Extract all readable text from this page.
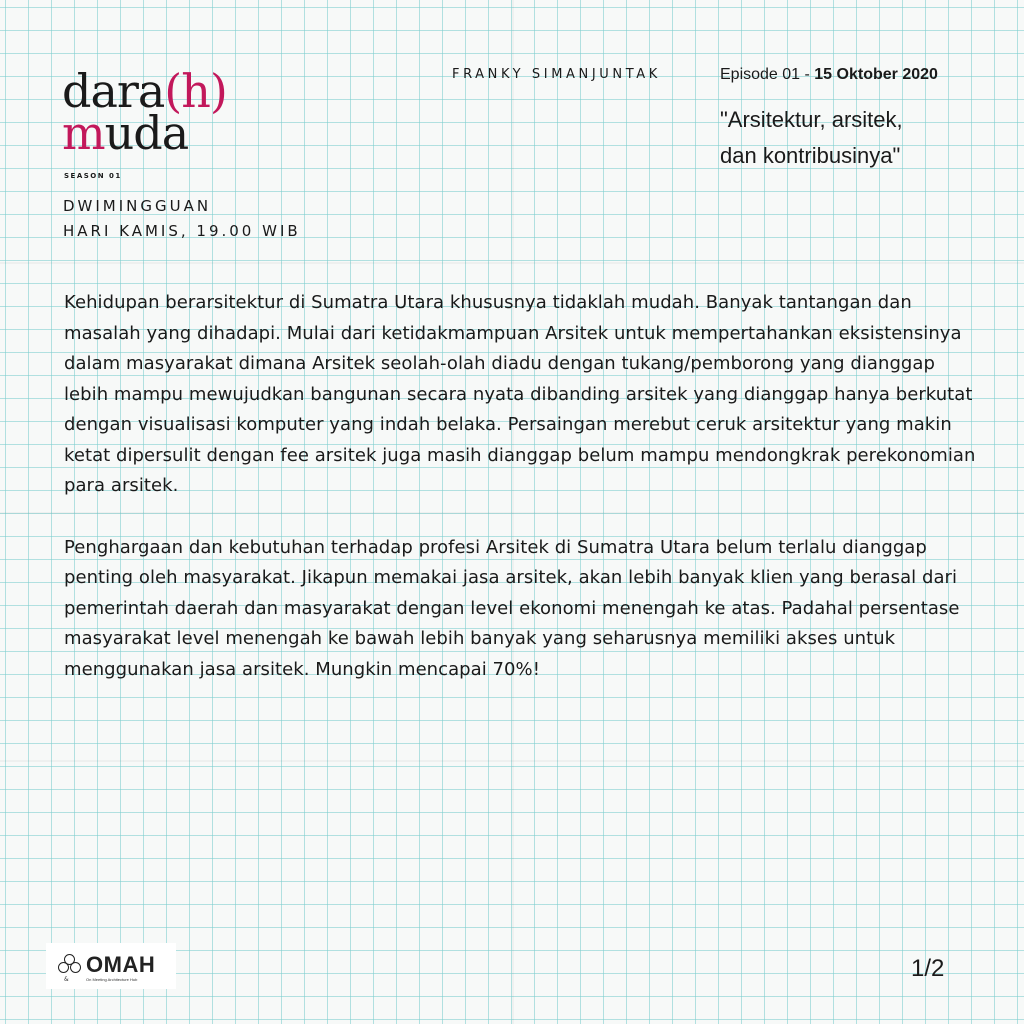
dara(h)
muda
SEASON 01
DWIMINGGUAN
HARI KAMIS, 19.00 WIB
FRANKY SIMANJUNTAK	Episode 01 - 15 Oktober 2020
"Arsitektur, arsitek,
dan kontribusinya"

Kehidupan berarsitektur di Sumatra Utara khususnya tidaklah mudah. Banyak tantangan dan masalah yang dihadapi. Mulai dari ketidakmampuan Arsitek untuk mempertahankan eksistensinya dalam masyarakat dimana Arsitek seolah-olah diadu dengan tukang/pemborong yang dianggap lebih mampu mewujudkan bangunan secara nyata dibanding arsitek yang dianggap hanya berkutat dengan visualisasi komputer yang indah belaka. Persaingan merebut ceruk arsitektur yang makin ketat dipersulit dengan fee arsitek juga masih dianggap belum mampu mendongkrak perekonomian para arsitek.

Penghargaan dan kebutuhan terhadap profesi Arsitek di Sumatra Utara belum terlalu dianggap penting oleh masyarakat. Jikapun memakai jasa arsitek, akan lebih banyak klien yang berasal dari pemerintah daerah dan masyarakat dengan level ekonomi menengah ke atas. Padahal persentase masyarakat level menengah ke bawah lebih banyak yang seharusnya memiliki akses untuk menggunakan jasa arsitek. Mungkin mencapai 70%!

OMAH
&	On Meeting Architecture Hub	1/2
